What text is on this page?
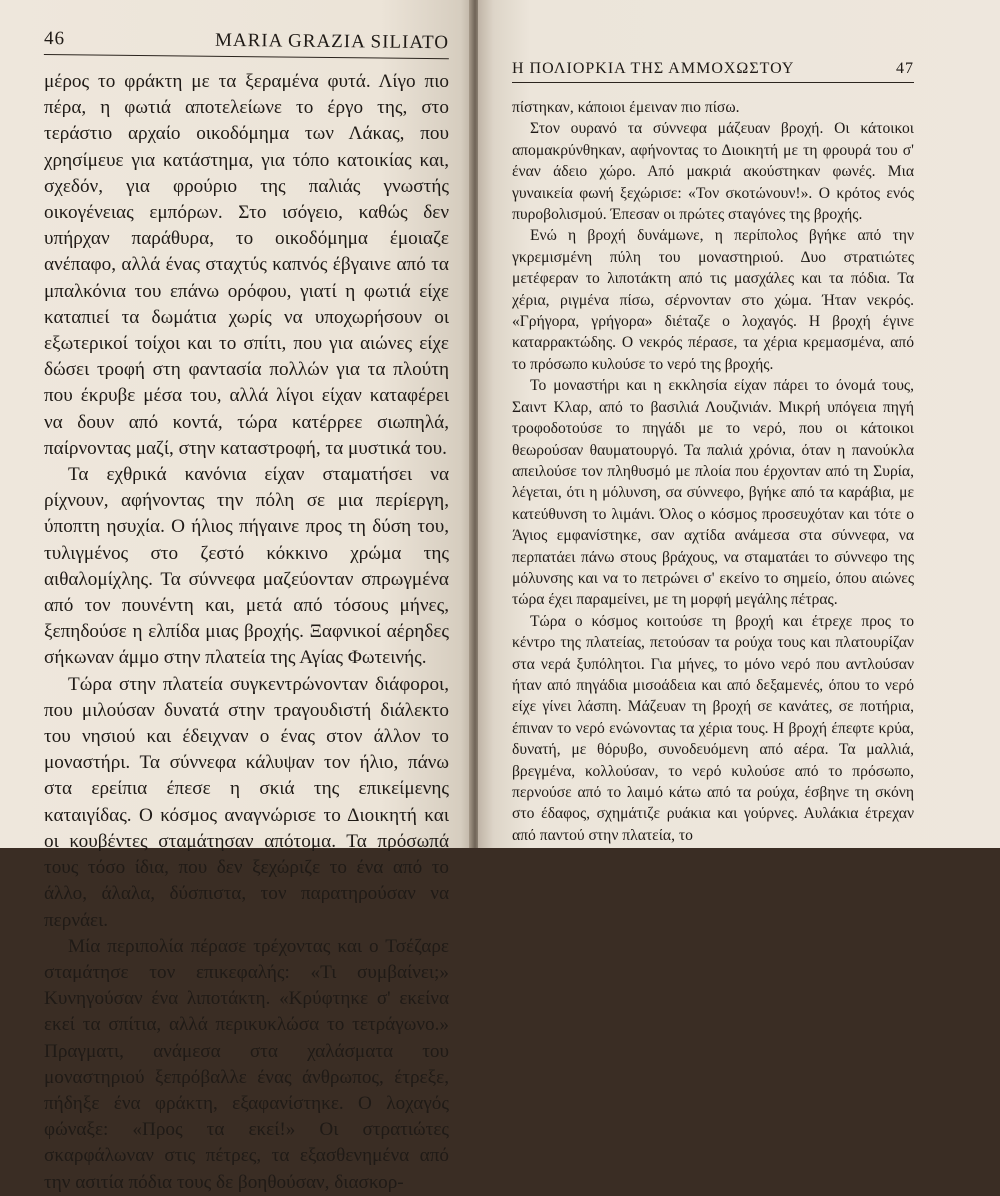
46	MARIA GRAZIA SILIATO

μέρος το φράκτη με τα ξεραμένα φυτά. Λίγο πιο πέρα, η φωτιά αποτελείωνε το έργο της, στο τεράστιο αρχαίο οικοδόμημα των Λάκας, που χρησίμευε για κατάστημα, για τόπο κατοικίας και, σχεδόν, για φρούριο της παλιάς γνωστής οικογένειας εμπόρων. Στο ισόγειο, καθώς δεν υπήρχαν παράθυρα, το οικοδόμημα έμοιαζε ανέπαφο, αλλά ένας σταχτύς καπνός έβγαινε από τα μπαλκόνια του επάνω ορόφου, γιατί η φωτιά είχε καταπιεί τα δωμάτια χωρίς να υποχωρήσουν οι εξωτερικοί τοίχοι και το σπίτι, που για αιώνες είχε δώσει τροφή στη φαντασία πολλών για τα πλούτη που έκρυβε μέσα του, αλλά λίγοι είχαν καταφέρει να δουν από κοντά, τώρα κατέρρεε σιωπηλά, παίρνοντας μαζί, στην καταστροφή, τα μυστικά του.

Τα εχθρικά κανόνια είχαν σταματήσει να ρίχνουν, αφήνοντας την πόλη σε μια περίεργη, ύποπτη ησυχία. Ο ήλιος πήγαινε προς τη δύση του, τυλιγμένος στο ζεστό κόκκινο χρώμα της αιθαλομίχλης. Τα σύννεφα μαζεύονταν σπρωγμένα από τον πουνέντη και, μετά από τόσους μήνες, ξεπηδούσε η ελπίδα μιας βροχής. Ξαφνικοί αέρηδες σήκωναν άμμο στην πλατεία της Αγίας Φωτεινής.

Τώρα στην πλατεία συγκεντρώνονταν διάφοροι, που μιλούσαν δυνατά στην τραγουδιστή διάλεκτο του νησιού και έδειχναν ο ένας στον άλλον το μοναστήρι. Τα σύννεφα κάλυψαν τον ήλιο, πάνω στα ερείπια έπεσε η σκιά της επικείμενης καταιγίδας. Ο κόσμος αναγνώρισε το Διοικητή και οι κουβέντες σταμάτησαν απότομα. Τα πρόσωπά τους τόσο ίδια, που δεν ξεχώριζε το ένα από το άλλο, άλαλα, δύσπιστα, τον παρατηρούσαν να περνάει.

Μία περιπολία πέρασε τρέχοντας και ο Τσέζαρε σταμάτησε τον επικεφαλής: «Τι συμβαίνει;» Κυνηγούσαν ένα λιποτάκτη. «Κρύφτηκε σ' εκείνα εκεί τα σπίτια, αλλά περικυκλώσα το τετράγωνο.» Πραγματι, ανάμεσα στα χαλάσματα του μοναστηριού ξεπρόβαλλε ένας άνθρωπος, έτρεξε, πήδηξε ένα φράκτη, εξαφανίστηκε. Ο λοχαγός φώναξε: «Προς τα εκεί!» Οι στρατιώτες σκαρφάλωναν στις πέτρες, τα εξασθενημένα από την ασιτία πόδια τους δε βοηθούσαν, διασκορ-

Η ΠΟΛΙΟΡΚΙΑ ΤΗΣ ΑΜΜΟΧΩΣΤΟΥ	47

πίστηκαν, κάποιοι έμειναν πιο πίσω.

Στον ουρανό τα σύννεφα μάζευαν βροχή. Οι κάτοικοι απομακρύνθηκαν, αφήνοντας το Διοικητή με τη φρουρά του σ' έναν άδειο χώρο. Από μακριά ακούστηκαν φωνές. Μια γυναικεία φωνή ξεχώρισε: «Τον σκοτώνουν!». Ο κρότος ενός πυροβολισμού. Έπεσαν οι πρώτες σταγόνες της βροχής.

Ενώ η βροχή δυνάμωνε, η περίπολος βγήκε από την γκρεμισμένη πύλη του μοναστηριού. Δυο στρατιώτες μετέφεραν το λιποτάκτη από τις μασχάλες και τα πόδια. Τα χέρια, ριγμένα πίσω, σέρνονταν στο χώμα. Ήταν νεκρός. «Γρήγορα, γρήγορα» διέταζε ο λοχαγός. Η βροχή έγινε καταρρακτώδης. Ο νεκρός πέρασε, τα χέρια κρεμασμένα, από το πρόσωπο κυλούσε το νερό της βροχής.

Το μοναστήρι και η εκκλησία είχαν πάρει το όνομά τους, Σαιντ Κλαρ, από το βασιλιά Λουζινιάν. Μικρή υπόγεια πηγή τροφοδοτούσε το πηγάδι με το νερό, που οι κάτοικοι θεωρούσαν θαυματουργό. Τα παλιά χρόνια, όταν η πανούκλα απειλούσε τον πληθυσμό με πλοία που έρχονταν από τη Συρία, λέγεται, ότι η μόλυνση, σα σύννεφο, βγήκε από τα καράβια, με κατεύθυνση το λιμάνι. Όλος ο κόσμος προσευχόταν και τότε ο Άγιος εμφανίστηκε, σαν αχτίδα ανάμεσα στα σύννεφα, να περπατάει πάνω στους βράχους, να σταματάει το σύννεφο της μόλυνσης και να το πετρώνει σ' εκείνο το σημείο, όπου αιώνες τώρα έχει παραμείνει, με τη μορφή μεγάλης πέτρας.

Τώρα ο κόσμος κοιτούσε τη βροχή και έτρεχε προς το κέντρο της πλατείας, πετούσαν τα ρούχα τους και πλατουρίζαν στα νερά ξυπόλητοι. Για μήνες, το μόνο νερό που αντλούσαν ήταν από πηγάδια μισοάδεια και από δεξαμενές, όπου το νερό είχε γίνει λάσπη. Μάζευαν τη βροχή σε κανάτες, σε ποτήρια, έπιναν το νερό ενώνοντας τα χέρια τους. Η βροχή έπεφτε κρύα, δυνατή, με θόρυβο, συνοδευόμενη από αέρα. Τα μαλλιά, βρεγμένα, κολλούσαν, το νερό κυλούσε από το πρόσωπο, περνούσε από το λαιμό κάτω από τα ρούχα, έσβηνε τη σκόνη στο έδαφος, σχημάτιζε ρυάκια και γούρνες. Αυλάκια έτρεχαν από παντού στην πλατεία, το
